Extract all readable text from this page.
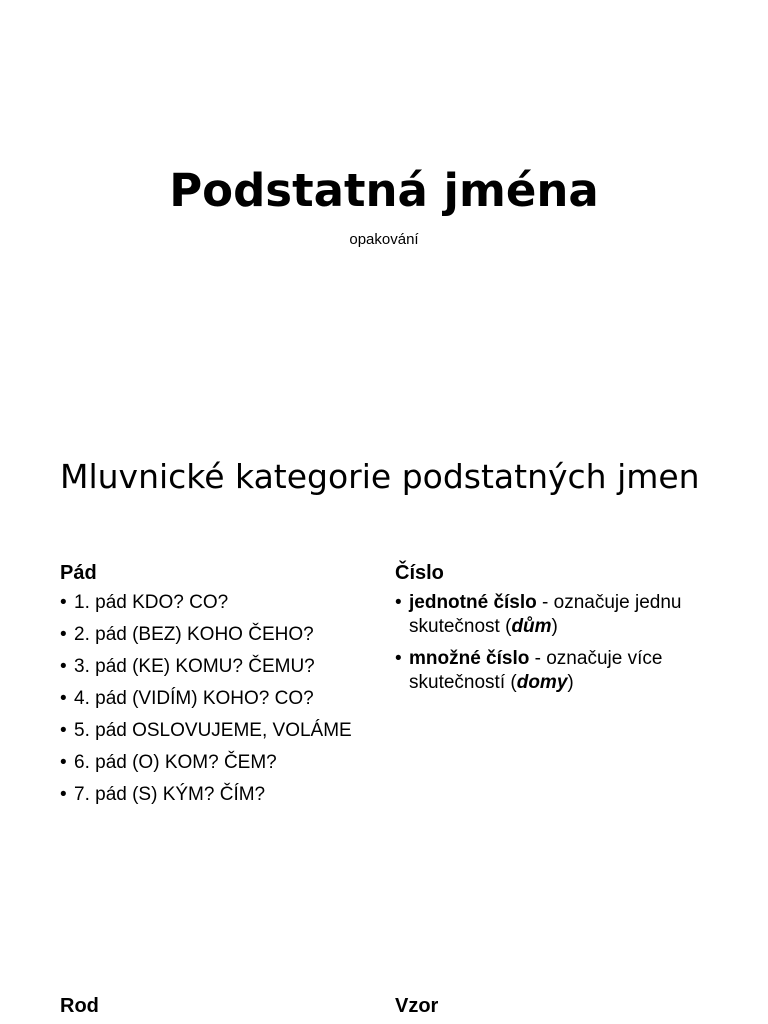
Podstatná jména

opakování

Mluvnické kategorie podstatných jmen
Pád
• 1. pád KDO? CO?
• 2. pád (BEZ) KOHO ČEHO?
• 3. pád (KE) KOMU? ČEMU?
• 4. pád (VIDÍM) KOHO? CO?
• 5. pád OSLOVUJEME, VOLÁME
• 6. pád (O) KOM? ČEM?
• 7. pád (S) KÝM? ČÍM?
Číslo
• jednotné číslo - označuje jednu skutečnost (dům)
• množné číslo - označuje více skutečností (domy)
Rod	Vzor
